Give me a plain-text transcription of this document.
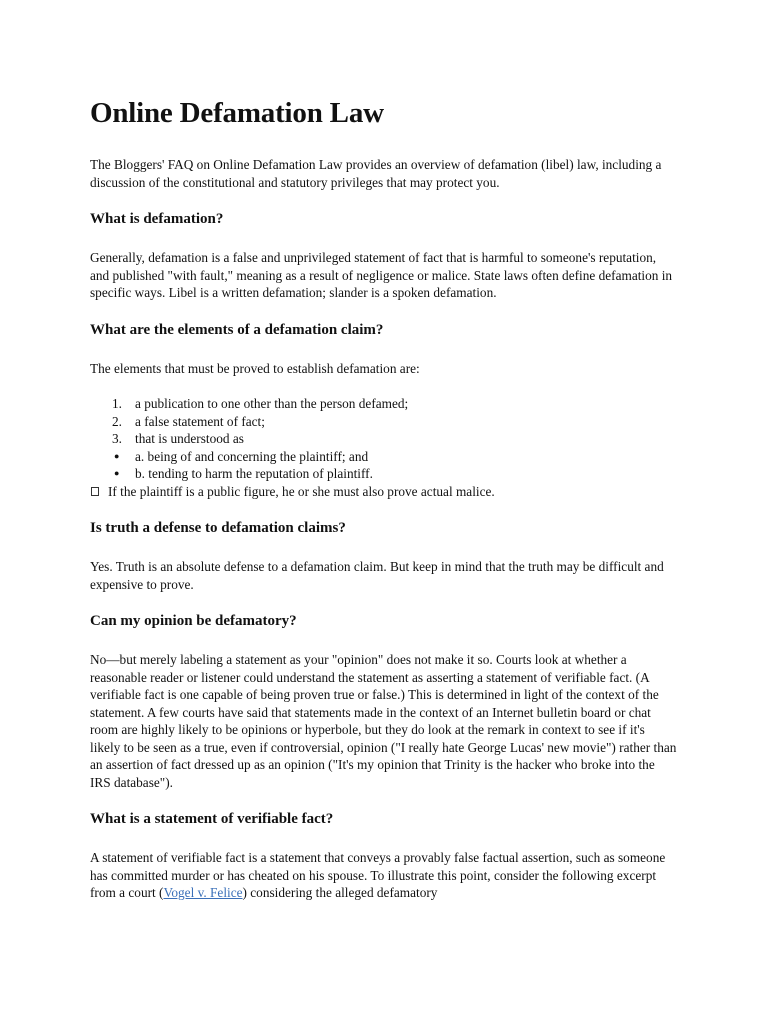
Online Defamation Law

The Bloggers' FAQ on Online Defamation Law provides an overview of defamation (libel) law, including a discussion of the constitutional and statutory privileges that may protect you.

What is defamation?

Generally, defamation is a false and unprivileged statement of fact that is harmful to someone's reputation, and published "with fault," meaning as a result of negligence or malice. State laws often define defamation in specific ways. Libel is a written defamation; slander is a spoken defamation.

What are the elements of a defamation claim?

The elements that must be proved to establish defamation are:

1. a publication to one other than the person defamed;
2. a false statement of fact;
3. that is understood as
●	a. being of and concerning the plaintiff; and
●	b. tending to harm the reputation of plaintiff.

If the plaintiff is a public figure, he or she must also prove actual malice.

Is truth a defense to defamation claims?

Yes. Truth is an absolute defense to a defamation claim. But keep in mind that the truth may be difficult and expensive to prove.

Can my opinion be defamatory?

No—but merely labeling a statement as your "opinion" does not make it so. Courts look at whether a reasonable reader or listener could understand the statement as asserting a statement of verifiable fact. (A verifiable fact is one capable of being proven true or false.) This is determined in light of the context of the statement. A few courts have said that statements made in the context of an Internet bulletin board or chat room are highly likely to be opinions or hyperbole, but they do look at the remark in context to see if it's likely to be seen as a true, even if controversial, opinion ("I really hate George Lucas' new movie") rather than an assertion of fact dressed up as an opinion ("It's my opinion that Trinity is the hacker who broke into the IRS database").

What is a statement of verifiable fact?

A statement of verifiable fact is a statement that conveys a provably false factual assertion, such as someone has committed murder or has cheated on his spouse. To illustrate this point, consider the following excerpt from a court (Vogel v. Felice) considering the alleged defamatory
